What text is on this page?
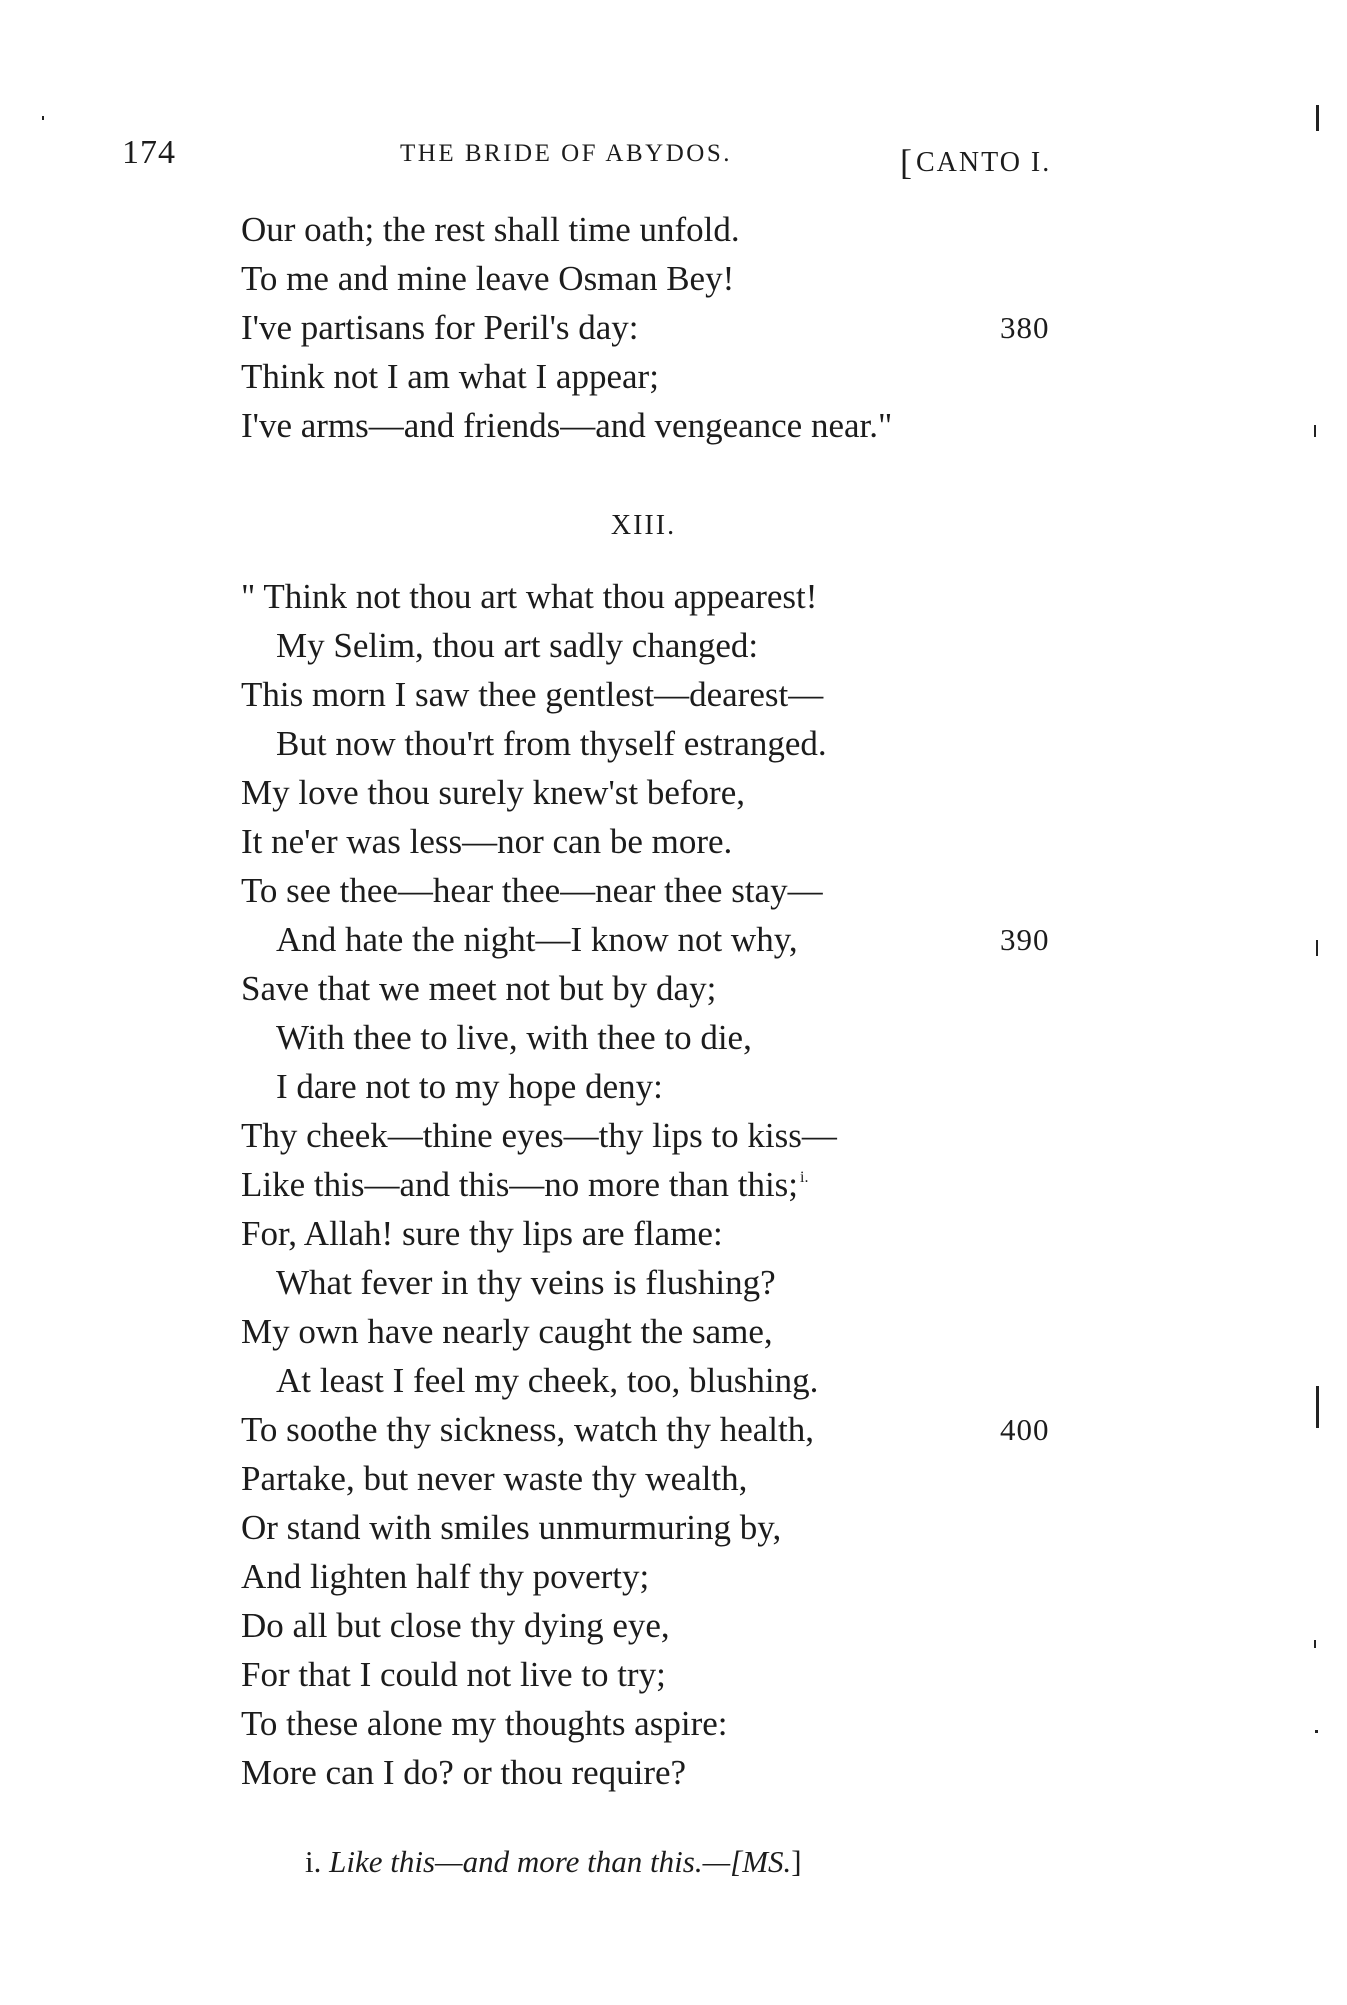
174	THE BRIDE OF ABYDOS.	[CANTO I.
Our oath; the rest shall time unfold.
To me and mine leave Osman Bey!
I've partisans for Peril's day:	380
Think not I am what I appear;
I've arms—and friends—and vengeance near."
XIII.
" Think not thou art what thou appearest!
My Selim, thou art sadly changed:
This morn I saw thee gentlest—dearest—
But now thou'rt from thyself estranged.
My love thou surely knew'st before,
It ne'er was less—nor can be more.
To see thee—hear thee—near thee stay—
And hate the night—I know not why,	390
Save that we meet not but by day;
With thee to live, with thee to die,
I dare not to my hope deny:
Thy cheek—thine eyes—thy lips to kiss—
Like this—and this—no more than this; $^{i.}$
For, Allah! sure thy lips are flame:
What fever in thy veins is flushing?
My own have nearly caught the same,
At least I feel my cheek, too, blushing.
To soothe thy sickness, watch thy health,	400
Partake, but never waste thy wealth,
Or stand with smiles unmurmuring by,
And lighten half thy poverty;
Do all but close thy dying eye,
For that I could not live to try;
To these alone my thoughts aspire:
More can I do? or thou require?
i. Like this—and more than this.—[MS.]
